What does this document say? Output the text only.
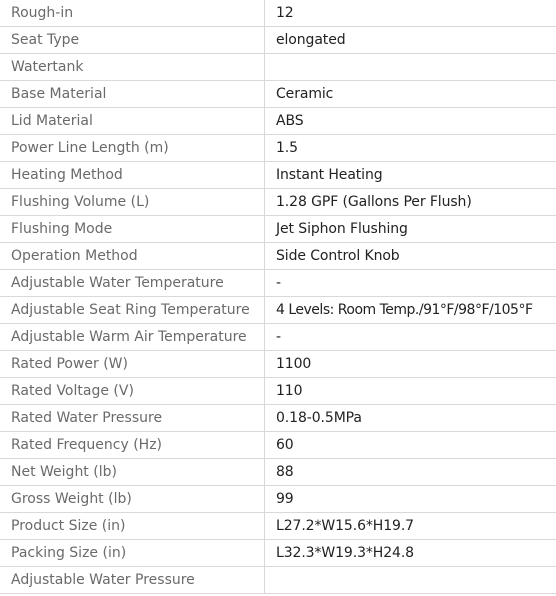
Rough-in	12
Seat Type	elongated
Watertank	
Base Material	Ceramic
Lid Material	ABS
Power Line Length (m)	1.5
Heating Method	Instant Heating
Flushing Volume (L)	1.28 GPF (Gallons Per Flush)
Flushing Mode	Jet Siphon Flushing
Operation Method	Side Control Knob
Adjustable Water Temperature	-
Adjustable Seat Ring Temperature	4 Levels: Room Temp./91°F/98°F/105°F
Adjustable Warm Air Temperature	-
Rated Power (W)	1100
Rated Voltage (V)	110
Rated Water Pressure	0.18-0.5MPa
Rated Frequency (Hz)	60
Net Weight (lb)	88
Gross Weight (lb)	99
Product Size (in)	L27.2*W15.6*H19.7
Packing Size (in)	L32.3*W19.3*H24.8
Adjustable Water Pressure	
